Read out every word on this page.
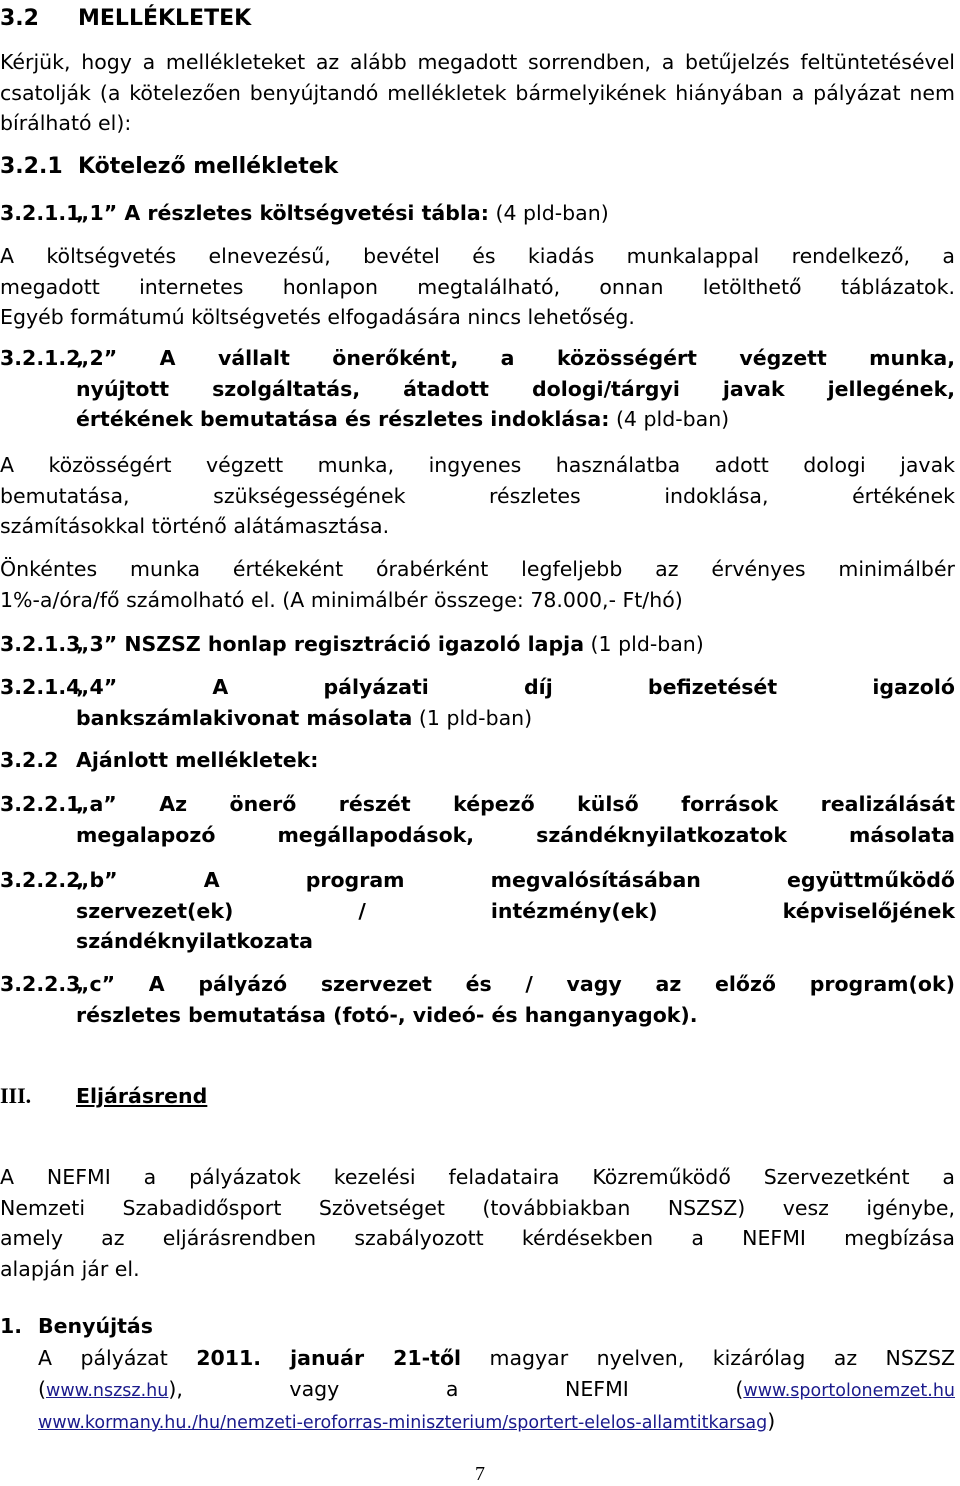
3.2 MELLÉKLETEK
Kérjük, hogy a mellékleteket az alább megadott sorrendben, a betűjelzés feltüntetésével csatolják (a kötelezően benyújtandó mellékletek bármelyikének hiányában a pályázat nem bírálható el):
3.2.1 Kötelező mellékletek
3.2.1.1
„1” A részletes költségvetési tábla: (4 pld-ban)
A költségvetés elnevezésű, bevétel és kiadás munkalappal rendelkező, a
megadott internetes honlapon megtalálható, onnan letölthető táblázatok.
Egyéb formátumú költségvetés elfogadására nincs lehetőség.
3.2.1.2
„2” A vállalt önerőként, a közösségért végzett munka,
nyújtott szolgáltatás, átadott dologi/tárgyi javak jellegének,
értékének bemutatása és részletes indoklása: (4 pld-ban)
A közösségért végzett munka, ingyenes használatba adott dologi javak
bemutatása, szükségességének részletes indoklása, értékének
számításokkal történő alátámasztása.
Önkéntes munka értékeként órabérként legfeljebb az érvényes minimálbér
1%-a/óra/fő számolható el. (A minimálbér összege: 78.000,- Ft/hó)
3.2.1.3
„3” NSZSZ honlap regisztráció igazoló lapja (1 pld-ban)
3.2.1.4
„4” A pályázati díj befizetését igazoló
bankszámlakivonat másolata (1 pld-ban)
3.2.2 Ajánlott mellékletek:
3.2.2.1
„a” Az önerő részét képező külső források realizálását
megalapozó megállapodások, szándéknyilatkozatok másolata
3.2.2.2
„b” A program megvalósításában együttműködő
szervezet(ek) / intézmény(ek) képviselőjének
szándéknyilatkozata
3.2.2.3
„c” A pályázó szervezet és / vagy az előző program(ok)
részletes bemutatása (fotó-, videó- és hanganyagok).
III. Eljárásrend
A NEFMI a pályázatok kezelési feladataira Közreműködő Szervezetként a
Nemzeti Szabadidősport Szövetséget (továbbiakban NSZSZ) vesz igénybe,
amely az eljárásrendben szabályozott kérdésekben a NEFMI megbízása
alapján jár el.
1. Benyújtás
A pályázat 2011. január 21-től magyar nyelven, kizárólag az NSZSZ
(www.nszsz.hu), vagy a NEFMI (www.sportolonemzet.hu
www.kormany.hu./hu/nemzeti-eroforras-miniszterium/sportert-elelos-allamtitkarsag)
7
